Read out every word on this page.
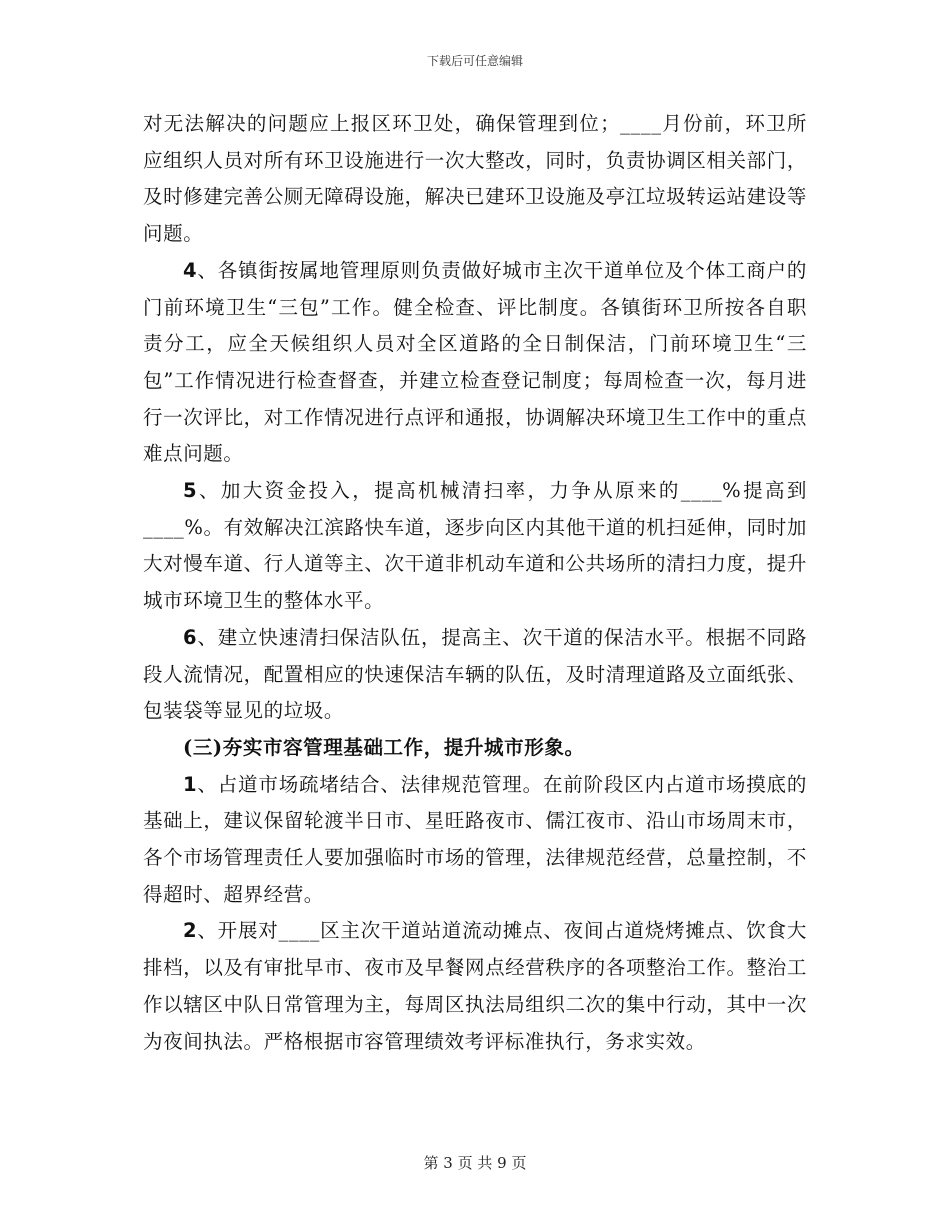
下载后可任意编辑

对无法解决的问题应上报区环卫处，确保管理到位；____月份前，环卫所应组织人员对所有环卫设施进行一次大整改，同时，负责协调区相关部门，及时修建完善公厕无障碍设施，解决已建环卫设施及亭江垃圾转运站建设等问题。

4、各镇街按属地管理原则负责做好城市主次干道单位及个体工商户的门前环境卫生“三包”工作。健全检查、评比制度。各镇街环卫所按各自职责分工，应全天候组织人员对全区道路的全日制保洁，门前环境卫生“三包”工作情况进行检查督查，并建立检查登记制度；每周检查一次，每月进行一次评比，对工作情况进行点评和通报，协调解决环境卫生工作中的重点难点问题。

5、加大资金投入，提高机械清扫率，力争从原来的____%提高到____%。有效解决江滨路快车道，逐步向区内其他干道的机扫延伸，同时加大对慢车道、行人道等主、次干道非机动车道和公共场所的清扫力度，提升城市环境卫生的整体水平。

6、建立快速清扫保洁队伍，提高主、次干道的保洁水平。根据不同路段人流情况，配置相应的快速保洁车辆的队伍，及时清理道路及立面纸张、包装袋等显见的垃圾。

(三)夯实市容管理基础工作，提升城市形象。

1、占道市场疏堵结合、法律规范管理。在前阶段区内占道市场摸底的基础上，建议保留轮渡半日市、星旺路夜市、儒江夜市、沿山市场周末市，各个市场管理责任人要加强临时市场的管理，法律规范经营，总量控制，不得超时、超界经营。

2、开展对____区主次干道站道流动摊点、夜间占道烧烤摊点、饮食大排档，以及有审批早市、夜市及早餐网点经营秩序的各项整治工作。整治工作以辖区中队日常管理为主，每周区执法局组织二次的集中行动，其中一次为夜间执法。严格根据市容管理绩效考评标准执行，务求实效。

第 3 页 共 9 页
